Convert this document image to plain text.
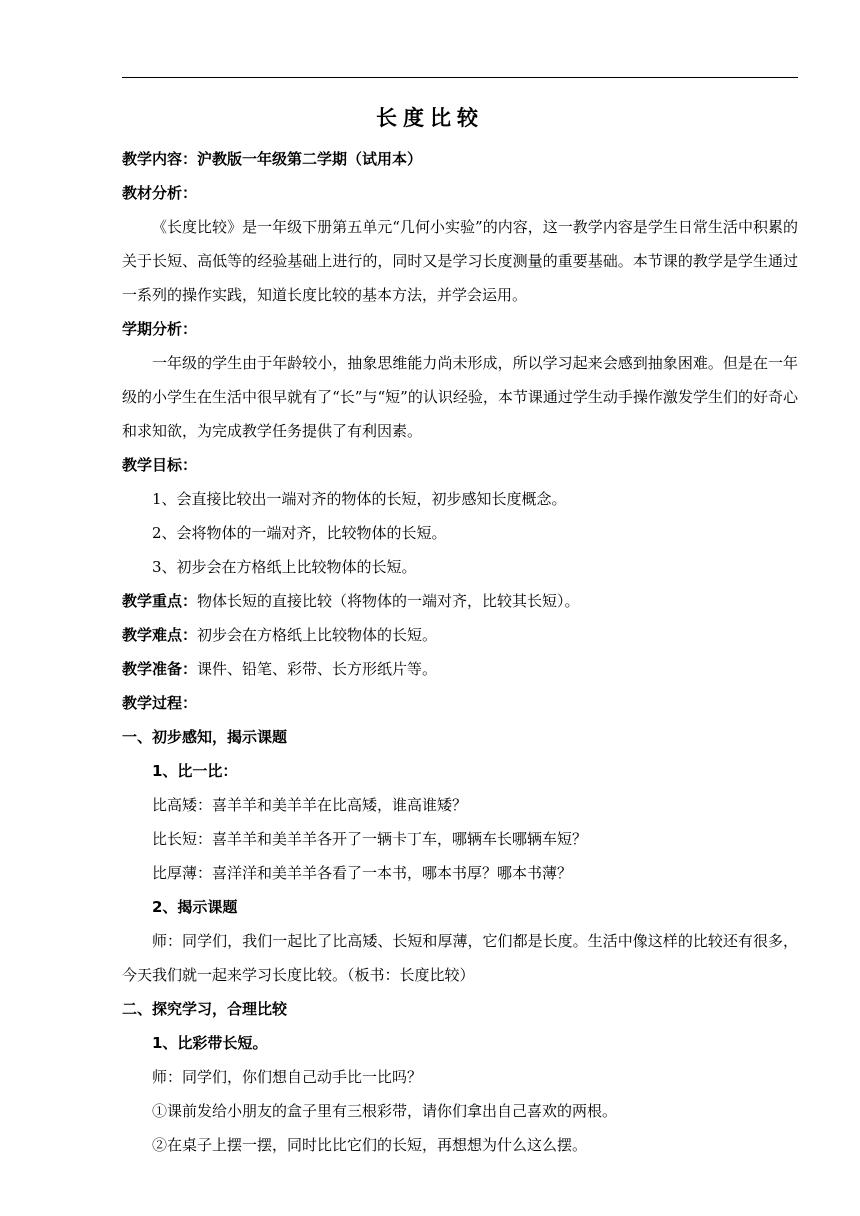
长度比较

教学内容：沪教版一年级第二学期（试用本）

教材分析：

《长度比较》是一年级下册第五单元“几何小实验”的内容，这一教学内容是学生日常生活中积累的关于长短、高低等的经验基础上进行的，同时又是学习长度测量的重要基础。本节课的教学是学生通过一系列的操作实践，知道长度比较的基本方法，并学会运用。

学期分析：

一年级的学生由于年龄较小，抽象思维能力尚未形成，所以学习起来会感到抽象困难。但是在一年级的小学生在生活中很早就有了“长”与“短”的认识经验，本节课通过学生动手操作激发学生们的好奇心和求知欲，为完成教学任务提供了有利因素。

教学目标：

1、会直接比较出一端对齐的物体的长短，初步感知长度概念。

2、会将物体的一端对齐，比较物体的长短。

3、初步会在方格纸上比较物体的长短。

教学重点：物体长短的直接比较（将物体的一端对齐，比较其长短）。

教学难点：初步会在方格纸上比较物体的长短。

教学准备：课件、铅笔、彩带、长方形纸片等。

教学过程：

一、初步感知，揭示课题

1、比一比：

比高矮：喜羊羊和美羊羊在比高矮，谁高谁矮？

比长短：喜羊羊和美羊羊各开了一辆卡丁车，哪辆车长哪辆车短？

比厚薄：喜洋洋和美羊羊各看了一本书，哪本书厚？哪本书薄？

2、揭示课题

师：同学们，我们一起比了比高矮、长短和厚薄，它们都是长度。生活中像这样的比较还有很多，今天我们就一起来学习长度比较。（板书：长度比较）

二、探究学习，合理比较

1、比彩带长短。

师：同学们，你们想自己动手比一比吗？

①课前发给小朋友的盒子里有三根彩带，请你们拿出自己喜欢的两根。

②在桌子上摆一摆，同时比比它们的长短，再想想为什么这么摆。
